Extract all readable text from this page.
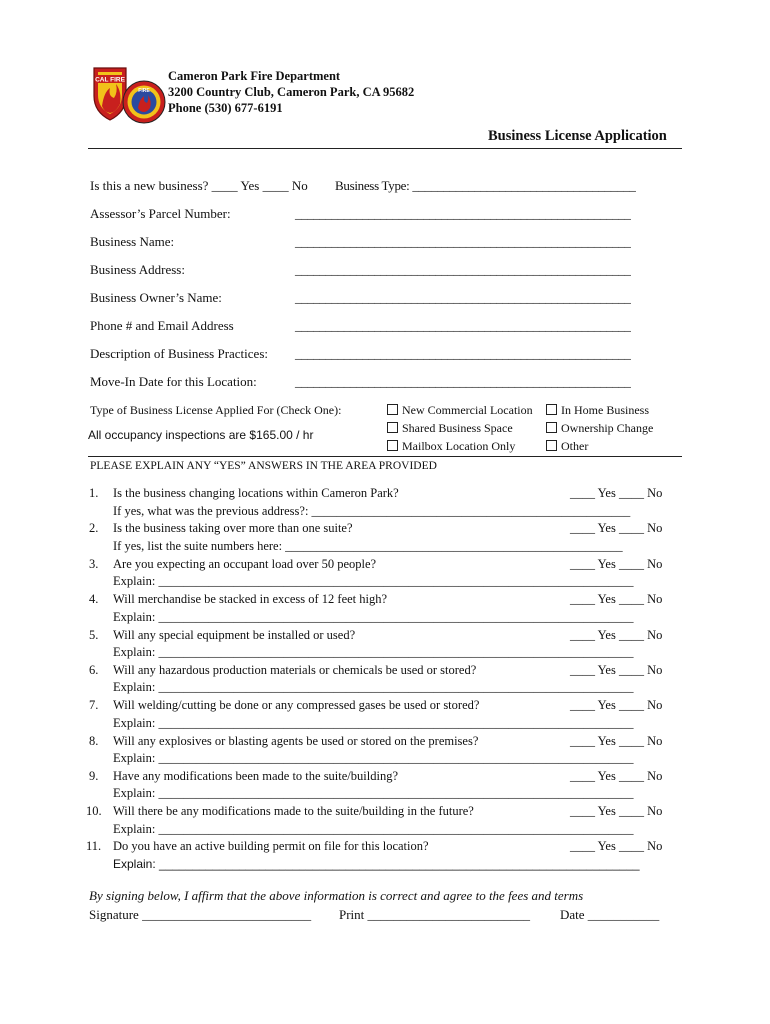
CAL FIRE
FIRE
Cameron Park Fire Department
3200 Country Club, Cameron Park, CA 95682
Phone (530) 677-6191
Business License Application
Is this a new business? ____ Yes ____ No Business Type: ____________________________________
Assessor’s Parcel Number:	_______________________________________________________
Business Name:	_______________________________________________________
Business Address:	_______________________________________________________
Business Owner’s Name:	_______________________________________________________
Phone # and Email Address	_______________________________________________________
Description of Business Practices: _______________________________________________________
Move-In Date for this Location:	_______________________________________________________
Type of Business License Applied For (Check One):
All occupancy inspections are $165.00 / hr
New Commercial Location	In Home Business
Shared Business Space	Ownership Change
Mailbox Location Only	Other
PLEASE EXPLAIN ANY “YES” ANSWERS IN THE AREA PROVIDED
1. Is the business changing locations within Cameron Park?	____ Yes ____ No
If yes, what was the previous address?: ___________________________________________________
2. Is the business taking over more than one suite?	____ Yes ____ No
If yes, list the suite numbers here: ______________________________________________________
3. Are you expecting an occupant load over 50 people?	____ Yes ____ No
Explain: ____________________________________________________________________________
4. Will merchandise be stacked in excess of 12 feet high?	____ Yes ____ No
Explain: ____________________________________________________________________________
5. Will any special equipment be installed or used?	____ Yes ____ No
Explain: ____________________________________________________________________________
6. Will any hazardous production materials or chemicals be used or stored?	____ Yes ____ No
Explain: ____________________________________________________________________________
7. Will welding/cutting be done or any compressed gases be used or stored?	____ Yes ____ No
Explain: ____________________________________________________________________________
8. Will any explosives or blasting agents be used or stored on the premises?	____ Yes ____ No
Explain: ____________________________________________________________________________
9. Have any modifications been made to the suite/building?	____ Yes ____ No
Explain: ____________________________________________________________________________
10. Will there be any modifications made to the suite/building in the future?	____ Yes ____ No
Explain: ____________________________________________________________________________
11. Do you have an active building permit on file for this location?	____ Yes ____ No
Explain: ________________________________________________________________________
By signing below, I affirm that the above information is correct and agree to the fees and terms
Signature __________________________ Print _________________________ Date ___________
